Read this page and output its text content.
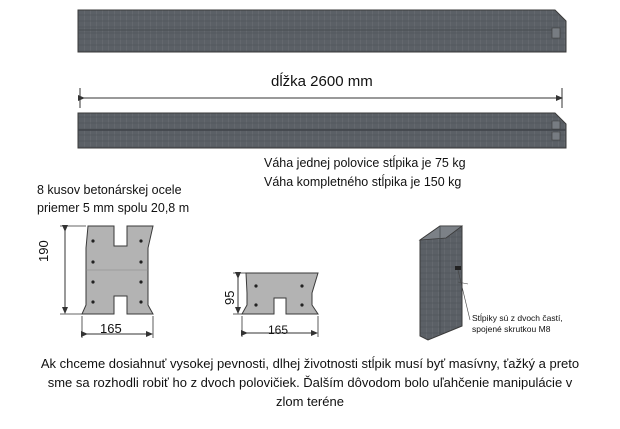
dĺžka 2600 mm
Váha jednej polovice stĺpika je 75 kg
Váha kompletného stĺpika je 150 kg
8 kusov betonárskej ocele
priemer 5 mm spolu 20,8 m
190
165
95
165
Stĺpiky sú z dvoch častí,
spojené skrutkou M8
Ak chceme dosiahnuť vysokej pevnosti, dlhej životnosti stĺpik musí byť masívny, ťažký a preto
sme sa rozhodli robiť ho z dvoch polovičiek. Ďalším dôvodom bolo uľahčenie manipulácie v
zlom teréne
